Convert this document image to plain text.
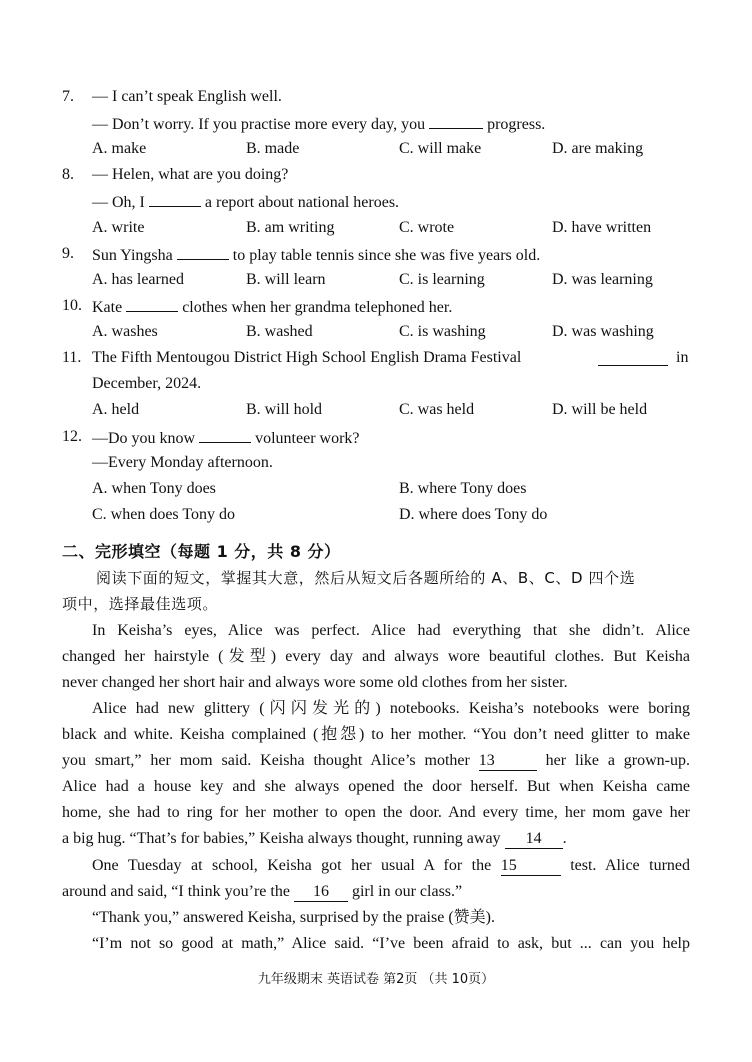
7. — I can’t speak English well.
— Don’t worry. If you practise more every day, you	progress.
A. make	B. made	C. will make	D. are making
8. — Helen, what are you doing?
— Oh, I	a report about national heroes.
A. write	B. am writing	C. wrote	D. have written
9. Sun Yingsha	to play table tennis since she was five years old.
A. has learned	B. will learn	C. is learning	D. was learning
10. Kate	clothes when her grandma telephoned her.
A. washes	B. washed	C. is washing	D. was washing
11. The Fifth Mentougou District High School English Drama Festival	in
December, 2024.
A. held	B. will hold	C. was held	D. will be held
12. —Do you know	volunteer work?
—Every Monday afternoon.
A. when Tony does	B. where Tony does
C. when does Tony do	D. where does Tony do
二、完形填空（每题 1 分，共 8 分）
阅读下面的短文，掌握其大意，然后从短文后各题所给的 A、B、C、D 四个选
项中，选择最佳选项。
In Keisha’s eyes, Alice was perfect. Alice had everything that she didn’t. Alice
changed her hairstyle (发型) every day and always wore beautiful clothes. But Keisha
never changed her short hair and always wore some old clothes from her sister.
Alice had new glittery (闪闪发光的) notebooks. Keisha’s notebooks were boring
black and white. Keisha complained (抱怨) to her mother. “You don’t need glitter to make
you smart,” her mom said. Keisha thought Alice’s mother 13	her like a grown-up.
Alice had a house key and she always opened the door herself. But when Keisha came
home, she had to ring for her mother to open the door. And every time, her mom gave her
a big hug. “That’s for babies,” Keisha always thought, running away 14 .
One Tuesday at school, Keisha got her usual A for the 15	test. Alice turned
around and said, “I think you’re the 16 girl in our class.”
“Thank you,” answered Keisha, surprised by the praise (赞美).
“I’m not so good at math,” Alice said. “I’ve been afraid to ask, but ... can you help
九年级期末 英语试卷 第2页 （共 10页）
